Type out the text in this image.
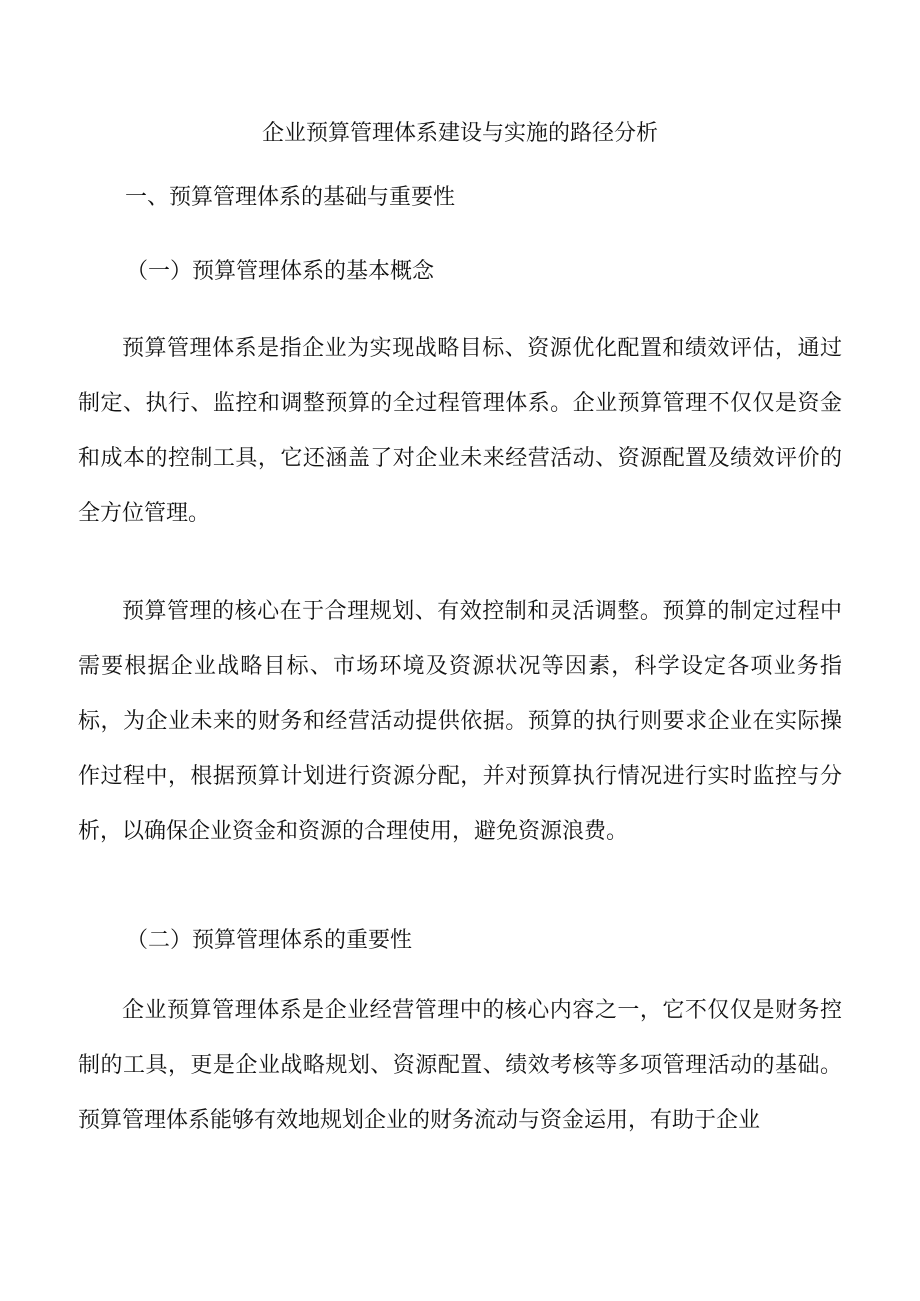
企业预算管理体系建设与实施的路径分析
一、预算管理体系的基础与重要性
（一）预算管理体系的基本概念

预算管理体系是指企业为实现战略目标、资源优化配置和绩效评估，通过制定、执行、监控和调整预算的全过程管理体系。企业预算管理不仅仅是资金和成本的控制工具，它还涵盖了对企业未来经营活动、资源配置及绩效评价的全方位管理。

预算管理的核心在于合理规划、有效控制和灵活调整。预算的制定过程中需要根据企业战略目标、市场环境及资源状况等因素，科学设定各项业务指标，为企业未来的财务和经营活动提供依据。预算的执行则要求企业在实际操作过程中，根据预算计划进行资源分配，并对预算执行情况进行实时监控与分析，以确保企业资金和资源的合理使用，避免资源浪费。

（二）预算管理体系的重要性

企业预算管理体系是企业经营管理中的核心内容之一，它不仅仅是财务控制的工具，更是企业战略规划、资源配置、绩效考核等多项管理活动的基础。预算管理体系能够有效地规划企业的财务流动与资金运用，有助于企业
